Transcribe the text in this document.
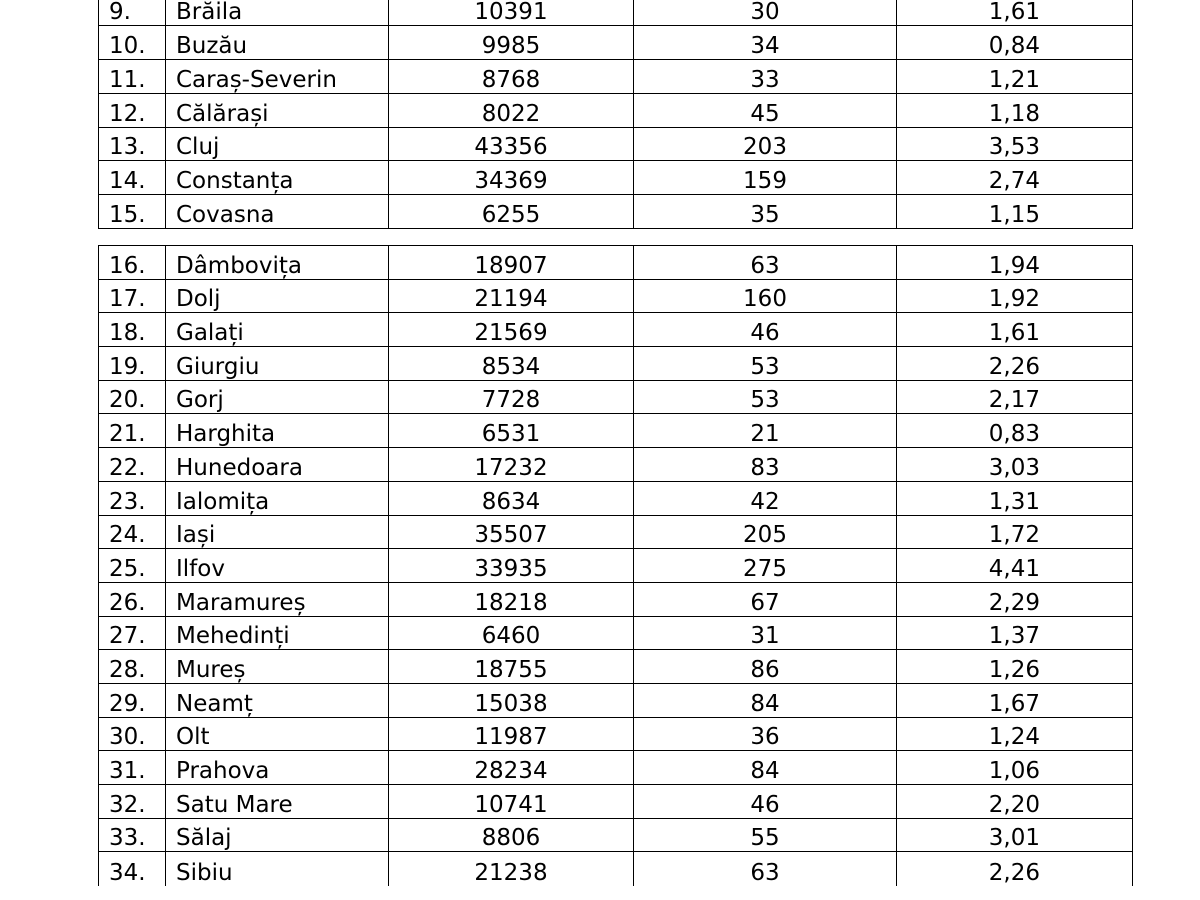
9.	Brăila	10391	30	1,61
10.	Buzău	9985	34	0,84
11.	Caraș-Severin	8768	33	1,21
12.	Călărași	8022	45	1,18
13.	Cluj	43356	203	3,53
14.	Constanța	34369	159	2,74
15.	Covasna	6255	35	1,15
16.	Dâmbovița	18907	63	1,94
17.	Dolj	21194	160	1,92
18.	Galați	21569	46	1,61
19.	Giurgiu	8534	53	2,26
20.	Gorj	7728	53	2,17
21.	Harghita	6531	21	0,83
22.	Hunedoara	17232	83	3,03
23.	Ialomița	8634	42	1,31
24.	Iași	35507	205	1,72
25.	Ilfov	33935	275	4,41
26.	Maramureș	18218	67	2,29
27.	Mehedinți	6460	31	1,37
28.	Mureș	18755	86	1,26
29.	Neamț	15038	84	1,67
30.	Olt	11987	36	1,24
31.	Prahova	28234	84	1,06
32.	Satu Mare	10741	46	2,20
33.	Sălaj	8806	55	3,01
34.	Sibiu	21238	63	2,26
